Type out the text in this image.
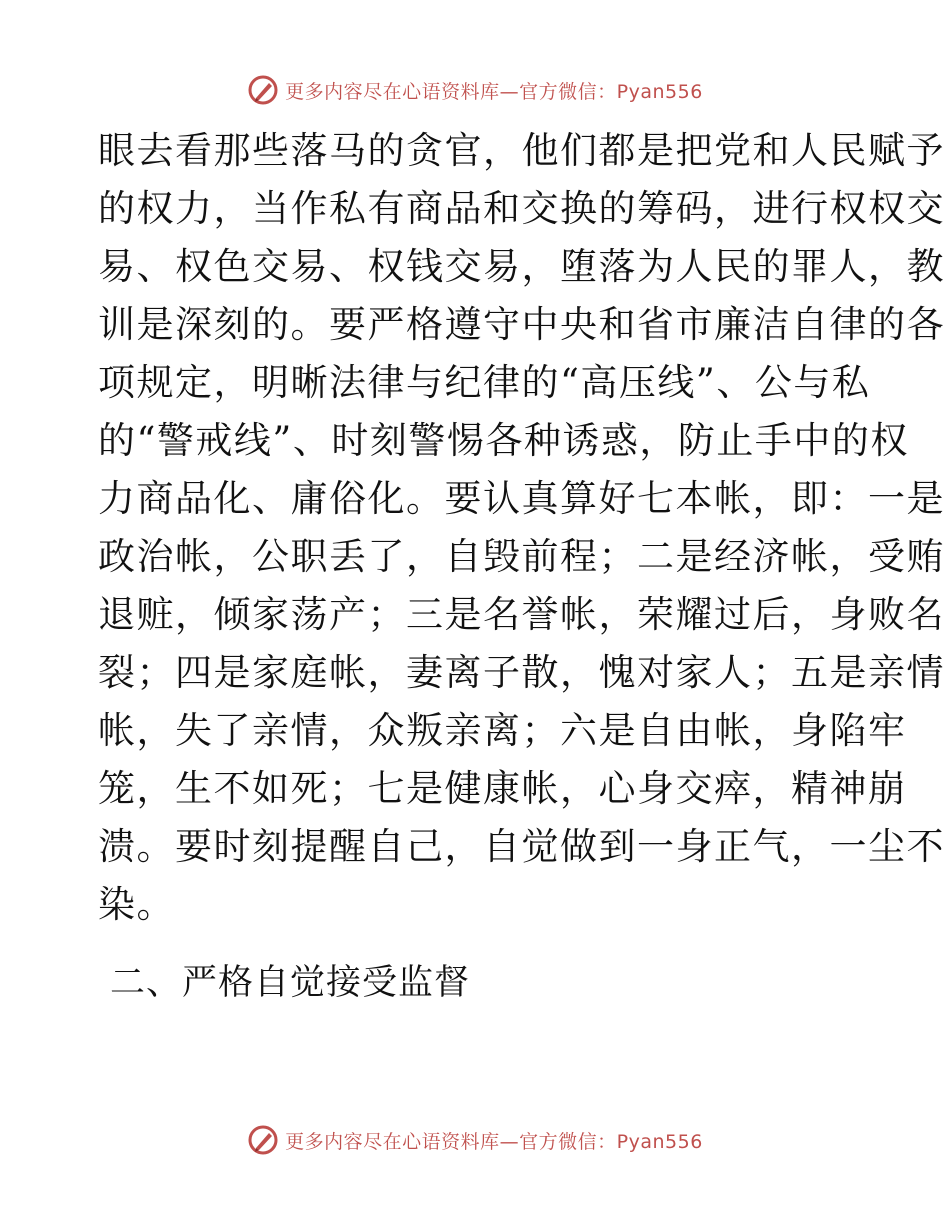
更多内容尽在心语资料库—官方微信：Pyan556
眼去看那些落马的贪官，他们都是把党和人民赋予
的权力，当作私有商品和交换的筹码，进行权权交
易、权色交易、权钱交易，堕落为人民的罪人，教
训是深刻的。要严格遵守中央和省市廉洁自律的各
项规定，明晰法律与纪律的“高压线”、公与私
的“警戒线”、时刻警惕各种诱惑，防止手中的权
力商品化、庸俗化。要认真算好七本帐，即：一是
政治帐，公职丢了，自毁前程；二是经济帐，受贿
退赃，倾家荡产；三是名誉帐，荣耀过后，身败名
裂；四是家庭帐，妻离子散，愧对家人；五是亲情
帐，失了亲情，众叛亲离；六是自由帐，身陷牢
笼，生不如死；七是健康帐，心身交瘁，精神崩
溃。要时刻提醒自己，自觉做到一身正气，一尘不
染。
二、严格自觉接受监督
更多内容尽在心语资料库—官方微信：Pyan556
